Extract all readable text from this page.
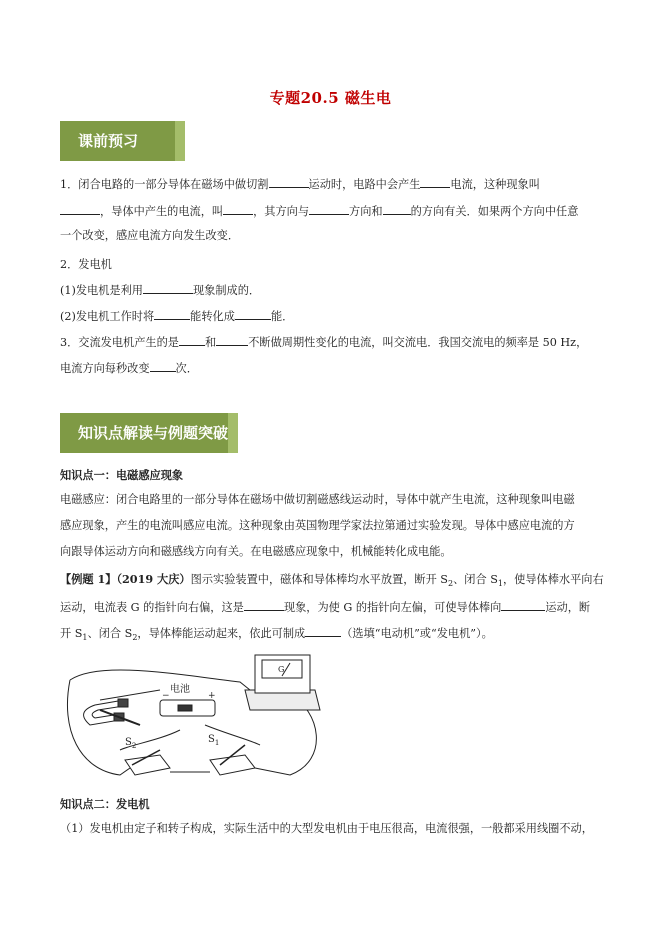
专题20.5 磁生电
课前预习
1．闭合电路的一部分导体在磁场中做切割	运动时，电路中会产生	电流，这种现象叫
，导体中产生的电流，叫	，其方向与	方向和	的方向有关．如果两个方向中任意
一个改变，感应电流方向发生改变．
2．发电机
(1)发电机是利用	现象制成的．
(2)发电机工作时将	能转化成	能．
3．交流发电机产生的是 和	不断做周期性变化的电流，叫交流电．我国交流电的频率是 50 Hz，
电流方向每秒改变 次．
知识点解读与例题突破
知识点一：电磁感应现象
电磁感应：闭合电路里的一部分导体在磁场中做切割磁感线运动时，导体中就产生电流，这种现象叫电磁
感应现象，产生的电流叫感应电流。这种现象由英国物理学家法拉第通过实验发现。导体中感应电流的方
向跟导体运动方向和磁感线方向有关。在电磁感应现象中，机械能转化成电能。
【例题 1】（2019 大庆）图示实验装置中，磁体和导体棒均水平放置，断开 $S_2$、闭合 $S_1$，使导体棒水平向右
运动，电流表 G 的指针向右偏，这是	现象，为使 G 的指针向左偏，可使导体棒向	运动，断
开 $S_1$、闭合 $S_2$，导体棒能运动起来，依此可制成	（选填“电动机”或“发电机”）。
电池
−	+
G
$S_2$
$S_1$
知识点二：发电机
（1）发电机由定子和转子构成，实际生活中的大型发电机由于电压很高，电流很强，一般都采用线圈不动，
